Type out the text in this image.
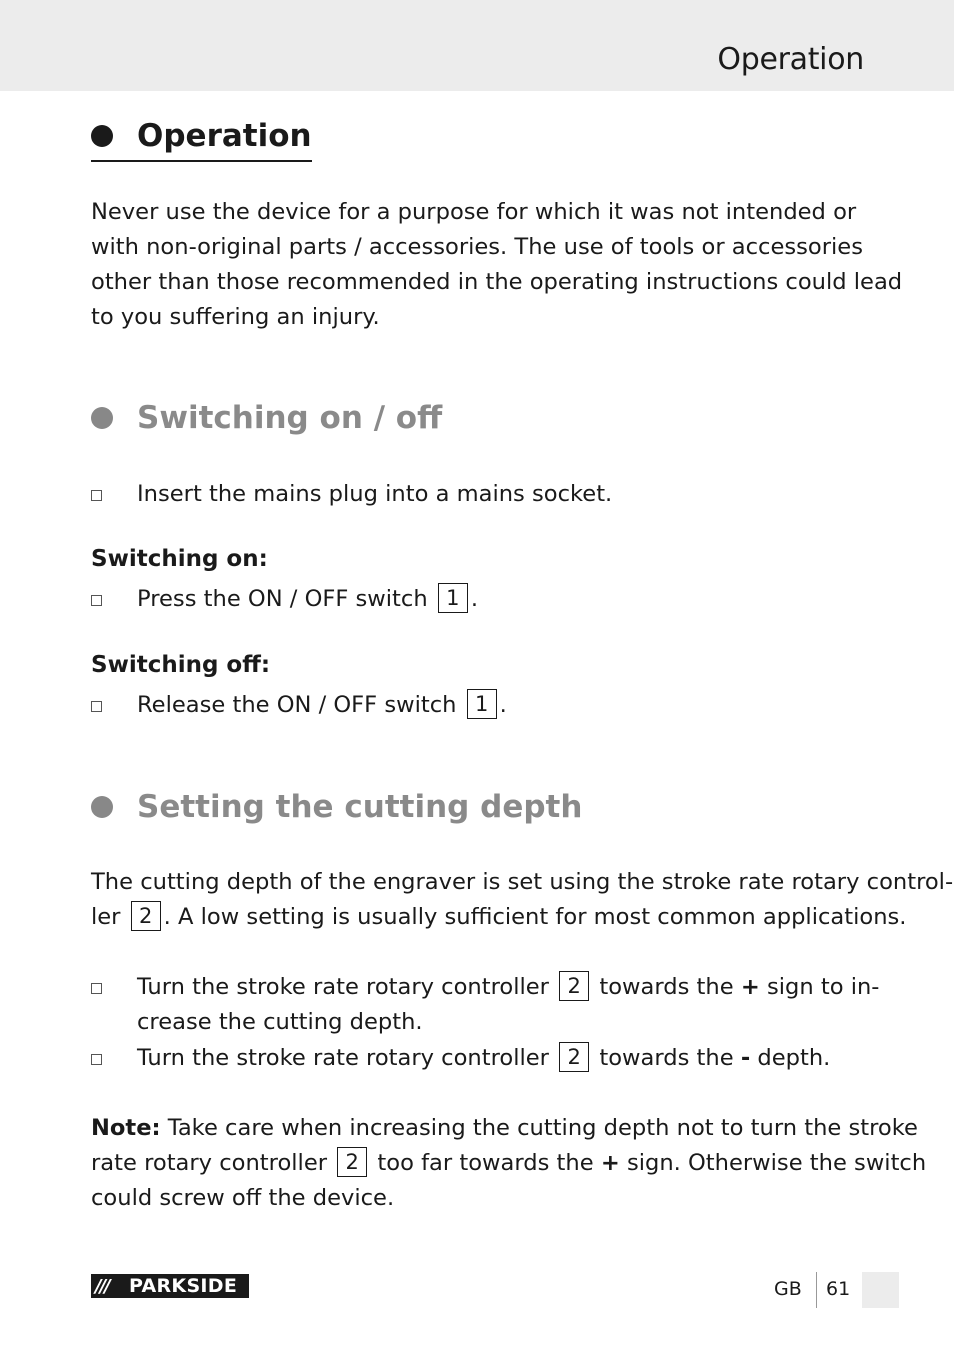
Operation
Operation

Never use the device for a purpose for which it was not intended or

with non-original parts / accessories. The use of tools or accessories

other than those recommended in the operating instructions could lead

to you suffering an injury.

Switching on / off
Insert the mains plug into a mains socket.
Switching on:
Press the ON / OFF switch 1 .
Switching off:
Release the ON / OFF switch 1 .
Setting the cutting depth

The cutting depth of the engraver is set using the stroke rate rotary control-

ler 2 . A low setting is usually sufficient for most common applications.

Turn the stroke rate rotary controller 2 towards the + sign to in-

crease the cutting depth.

Turn the stroke rate rotary controller 2 towards the - depth.

Note: Take care when increasing the cutting depth not to turn the stroke

rate rotary controller 2 too far towards the + sign. Otherwise the switch

could screw off the device.

///	PARKSIDE	GB 61
